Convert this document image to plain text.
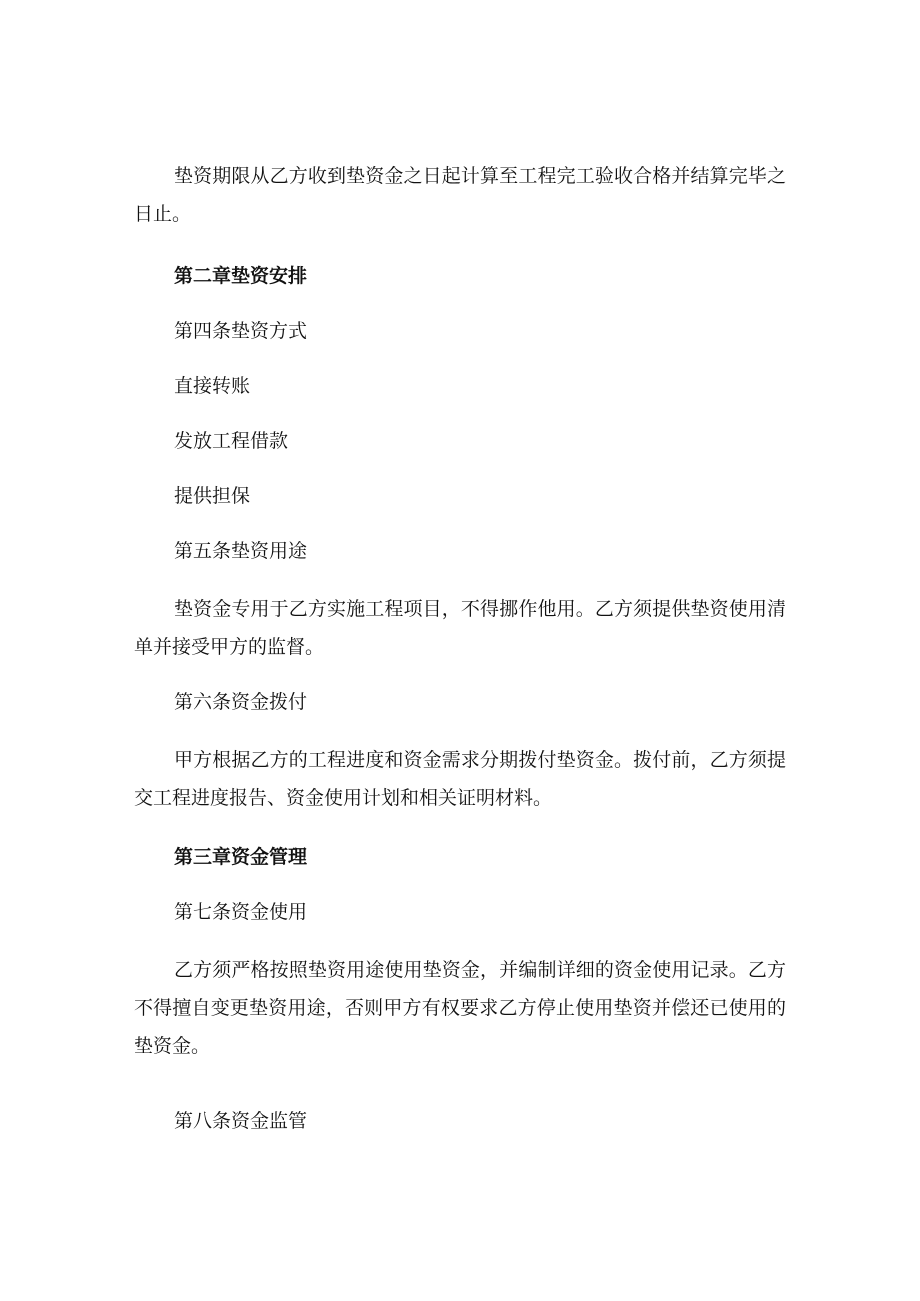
垫资期限从乙方收到垫资金之日起计算至工程完工验收合格并结算完毕之日止。

第二章垫资安排

第四条垫资方式

直接转账

发放工程借款

提供担保

第五条垫资用途

垫资金专用于乙方实施工程项目，不得挪作他用。乙方须提供垫资使用清单并接受甲方的监督。

第六条资金拨付

甲方根据乙方的工程进度和资金需求分期拨付垫资金。拨付前，乙方须提交工程进度报告、资金使用计划和相关证明材料。

第三章资金管理

第七条资金使用

乙方须严格按照垫资用途使用垫资金，并编制详细的资金使用记录。乙方不得擅自变更垫资用途，否则甲方有权要求乙方停止使用垫资并偿还已使用的垫资金。

第八条资金监管
